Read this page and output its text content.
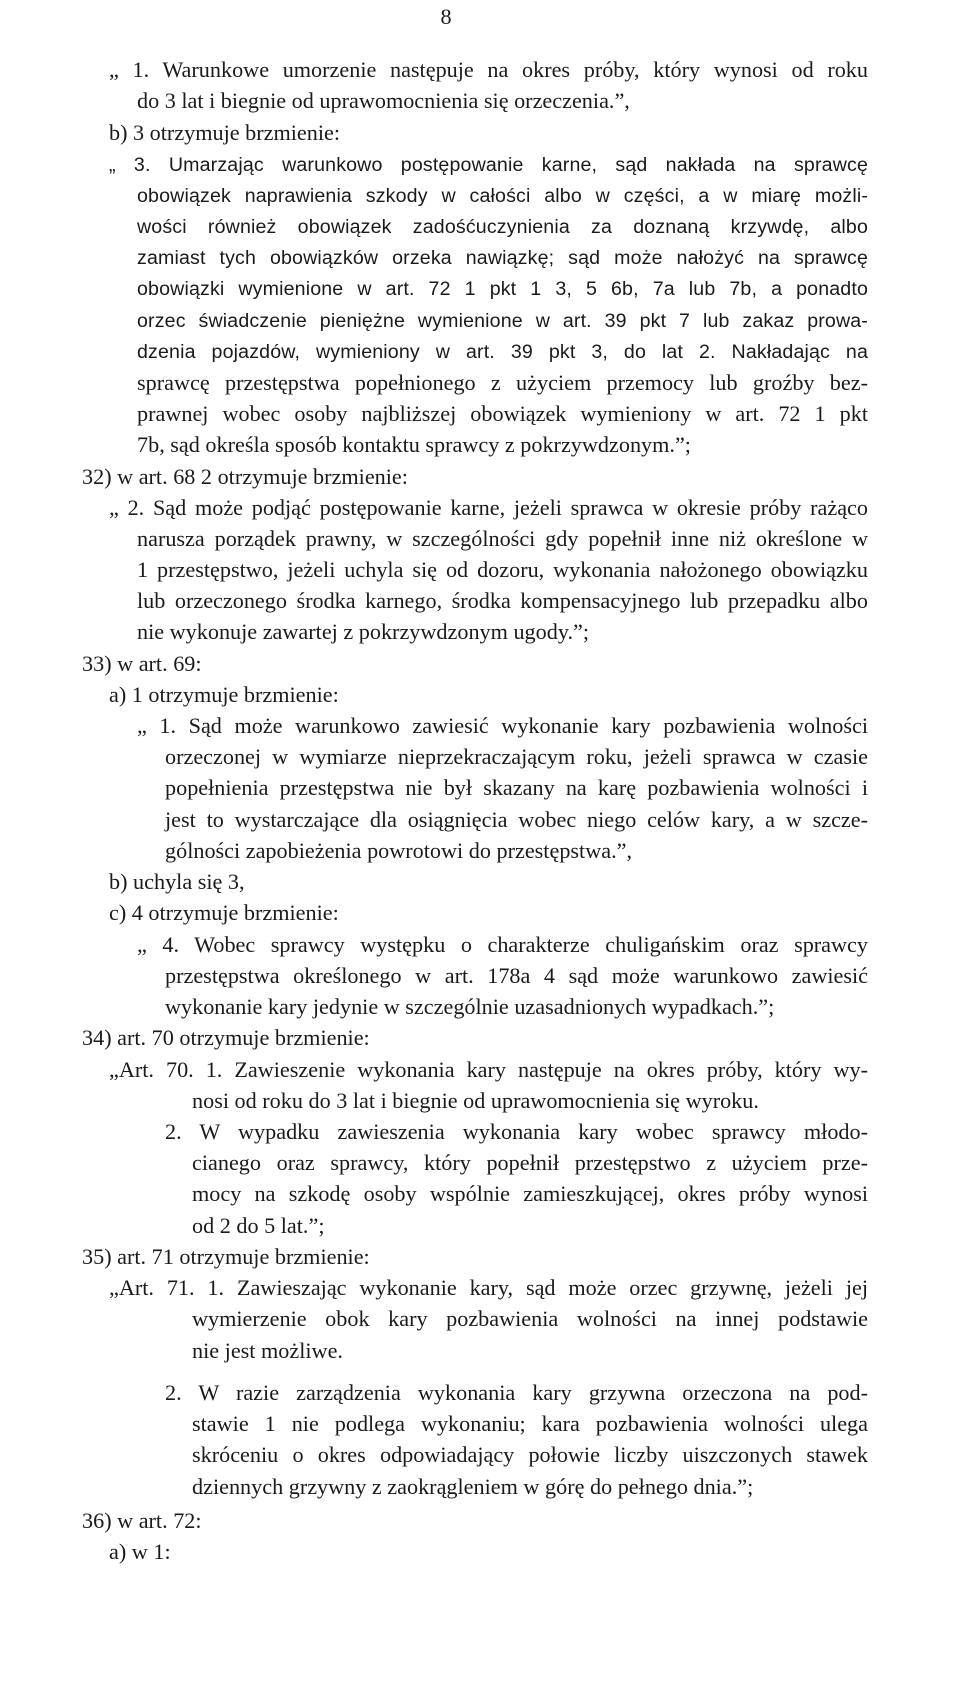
8
„ 1. Warunkowe umorzenie następuje na okres próby, który wynosi od roku
do 3 lat i biegnie od uprawomocnienia się orzeczenia.”,
b) 3 otrzymuje brzmienie:
„ 3. Umarzając warunkowo postępowanie karne, sąd nakłada na sprawcę
obowiązek naprawienia szkody w całości albo w części, a w miarę możli-
wości również obowiązek zadośćuczynienia za doznaną krzywdę, albo
zamiast tych obowiązków orzeka nawiązkę; sąd może nałożyć na sprawcę
obowiązki wymienione w art. 72 1 pkt 1 3, 5 6b, 7a lub 7b, a ponadto
orzec świadczenie pieniężne wymienione w art. 39 pkt 7 lub zakaz prowa-
dzenia pojazdów, wymieniony w art. 39 pkt 3, do lat 2. Nakładając na
sprawcę przestępstwa popełnionego z użyciem przemocy lub groźby bez-
prawnej wobec osoby najbliższej obowiązek wymieniony w art. 72 1 pkt
7b, sąd określa sposób kontaktu sprawcy z pokrzywdzonym.”;
32) w art. 68 2 otrzymuje brzmienie:
„ 2. Sąd może podjąć postępowanie karne, jeżeli sprawca w okresie próby rażąco
narusza porządek prawny, w szczególności gdy popełnił inne niż określone w
1 przestępstwo, jeżeli uchyla się od dozoru, wykonania nałożonego obowiązku
lub orzeczonego środka karnego, środka kompensacyjnego lub przepadku albo
nie wykonuje zawartej z pokrzywdzonym ugody.”;
33) w art. 69:
a) 1 otrzymuje brzmienie:
„ 1. Sąd może warunkowo zawiesić wykonanie kary pozbawienia wolności
orzeczonej w wymiarze nieprzekraczającym roku, jeżeli sprawca w czasie
popełnienia przestępstwa nie był skazany na karę pozbawienia wolności i
jest to wystarczające dla osiągnięcia wobec niego celów kary, a w szcze-
gólności zapobieżenia powrotowi do przestępstwa.”,
b) uchyla się 3,
c) 4 otrzymuje brzmienie:
„ 4. Wobec sprawcy występku o charakterze chuligańskim oraz sprawcy
przestępstwa określonego w art. 178a 4 sąd może warunkowo zawiesić
wykonanie kary jedynie w szczególnie uzasadnionych wypadkach.”;
34) art. 70 otrzymuje brzmienie:
„Art. 70. 1. Zawieszenie wykonania kary następuje na okres próby, który wy-
nosi od roku do 3 lat i biegnie od uprawomocnienia się wyroku.
2. W wypadku zawieszenia wykonania kary wobec sprawcy młodo-
cianego oraz sprawcy, który popełnił przestępstwo z użyciem prze-
mocy na szkodę osoby wspólnie zamieszkującej, okres próby wynosi
od 2 do 5 lat.”;
35) art. 71 otrzymuje brzmienie:
„Art. 71. 1. Zawieszając wykonanie kary, sąd może orzec grzywnę, jeżeli jej
wymierzenie obok kary pozbawienia wolności na innej podstawie
nie jest możliwe.
2. W razie zarządzenia wykonania kary grzywna orzeczona na pod-
stawie 1 nie podlega wykonaniu; kara pozbawienia wolności ulega
skróceniu o okres odpowiadający połowie liczby uiszczonych stawek
dziennych grzywny z zaokrągleniem w górę do pełnego dnia.”;
36) w art. 72:
a) w 1:
